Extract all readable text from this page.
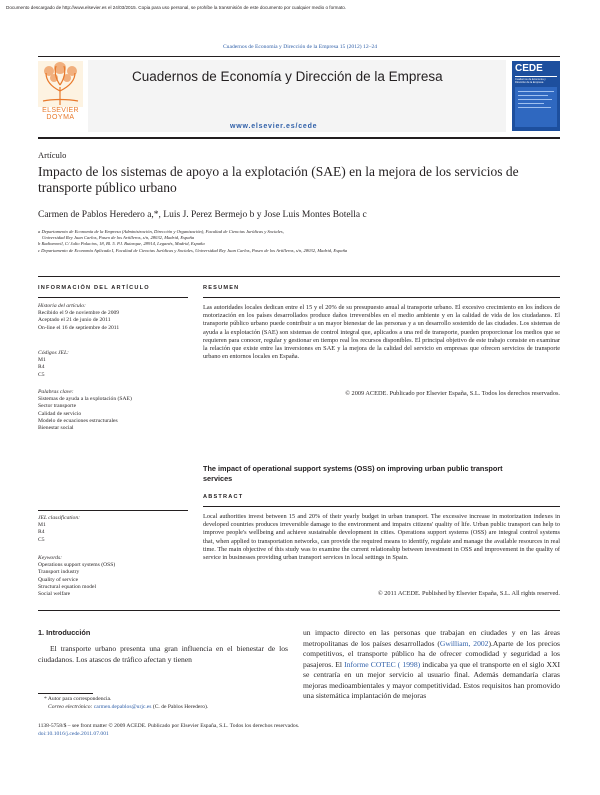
Documento descargado de http://www.elsevier.es el 24/03/2015. Copia para uso personal, se prohíbe la transmisión de este documento por cualquier medio o formato.
Cuadernos de Economía y Dirección de la Empresa 15 (2012) 12–24
ELSEVIER
DOYMA
Cuadernos de Economía y Dirección de la Empresa
www.elsevier.es/cede
CEDE
Cuadernos de Economía y Dirección de la Empresa
Artículo
Impacto de los sistemas de apoyo a la explotación (SAE) en la mejora de los servicios de transporte público urbano
Carmen de Pablos Heredero a,*, Luis J. Perez Bermejo b y Jose Luis Montes Botella c
a Departamento de Economía de la Empresa (Administración, Dirección y Organización), Facultad de Ciencias Jurídicas y Sociales,
Universidad Rey Juan Carlos, Paseo de los Artilleros, s/n, 28032, Madrid, España
b Radiomovil, C/ Julio Palacios, 18, Bl. 5. P.I. Butarque, 28914, Leganés, Madrid, España
c Departamento de Economía Aplicada I, Facultad de Ciencias Jurídicas y Sociales, Universidad Rey Juan Carlos, Paseo de los Artilleros, s/n, 28032, Madrid, España
INFORMACIÓN DEL ARTÍCULO
Historia del artículo:
Recibido el 9 de noviembre de 2009
Aceptado el 21 de junio de 2011
On-line el 16 de septiembre de 2011
Códigos JEL:
M1
R4
C5
Palabras clave:
Sistemas de ayuda a la explotación (SAE)
Sector transporte
Calidad de servicio
Modelo de ecuaciones estructurales
Bienestar social
JEL classification:
M1
R4
C5
Keywords:
Operations support systems (OSS)
Transport industry
Quality of service
Structural equation model
Social welfare
RESUMEN
Las autoridades locales dedican entre el 15 y el 20% de su presupuesto anual al transporte urbano. El excesivo crecimiento en los índices de motorización en los países desarrollados produce daños irreversibles en el medio ambiente y en la calidad de vida de los ciudadanos. El transporte público urbano puede contribuir a un mayor bienestar de las personas y a un desarrollo sostenido de las ciudades. Los sistemas de ayuda a la explotación (SAE) son sistemas de control integral que, aplicados a una red de transporte, pueden proporcionar los medios que se requieren para conocer, regular y gestionar en tiempo real los recursos disponibles. El principal objetivo de este trabajo consiste en examinar la relación que existe entre las inversiones en SAE y la mejora de la calidad del servicio en empresas que ofrecen servicios de transporte urbano en entornos locales en España.
© 2009 ACEDE. Publicado por Elsevier España, S.L. Todos los derechos reservados.
The impact of operational support systems (OSS) on improving urban public transport services
ABSTRACT
Local authorities invest between 15 and 20% of their yearly budget in urban transport. The excessive increase in motorization indexes in developed countries produces irreversible damage to the environment and impairs citizens' quality of life. Urban public transport can help to improve people's wellbeing and achieve sustainable development in cities. Operations support systems (OSS) are integral control systems that, when applied to transportation networks, can provide the required means to identify, regulate and manage the available resources in real time. The main objective of this study was to examine the current relationship between investment in OSS and improvement in the quality of service in businesses providing urban transport services in local settings in Spain.
© 2011 ACEDE. Published by Elsevier España, S.L. All rights reserved.
1. Introducción
El transporte urbano presenta una gran influencia en el bienestar de los ciudadanos. Los atascos de tráfico afectan y tienen
un impacto directo en las personas que trabajan en ciudades y en las áreas metropolitanas de los países desarrollados (Gwilliam, 2002).Aparte de los precios competitivos, el transporte público ha de ofrecer comodidad y seguridad a los pasajeros. El Informe COTEC ( 1998) indicaba ya que el transporte en el siglo XXI se centraría en un mejor servicio al usuario final. Además demandaría claras mejoras medioambientales y mayor competitividad. Estos requisitos han promovido una sistemática implantación de mejoras
* Autor para correspondencia.
Correo electrónico: carmen.depablos@urjc.es (C. de Pablos Heredero).
1138-5758/$ – see front matter © 2009 ACEDE. Publicado por Elsevier España, S.L. Todos los derechos reservados.
doi:10.1016/j.cede.2011.07.001
